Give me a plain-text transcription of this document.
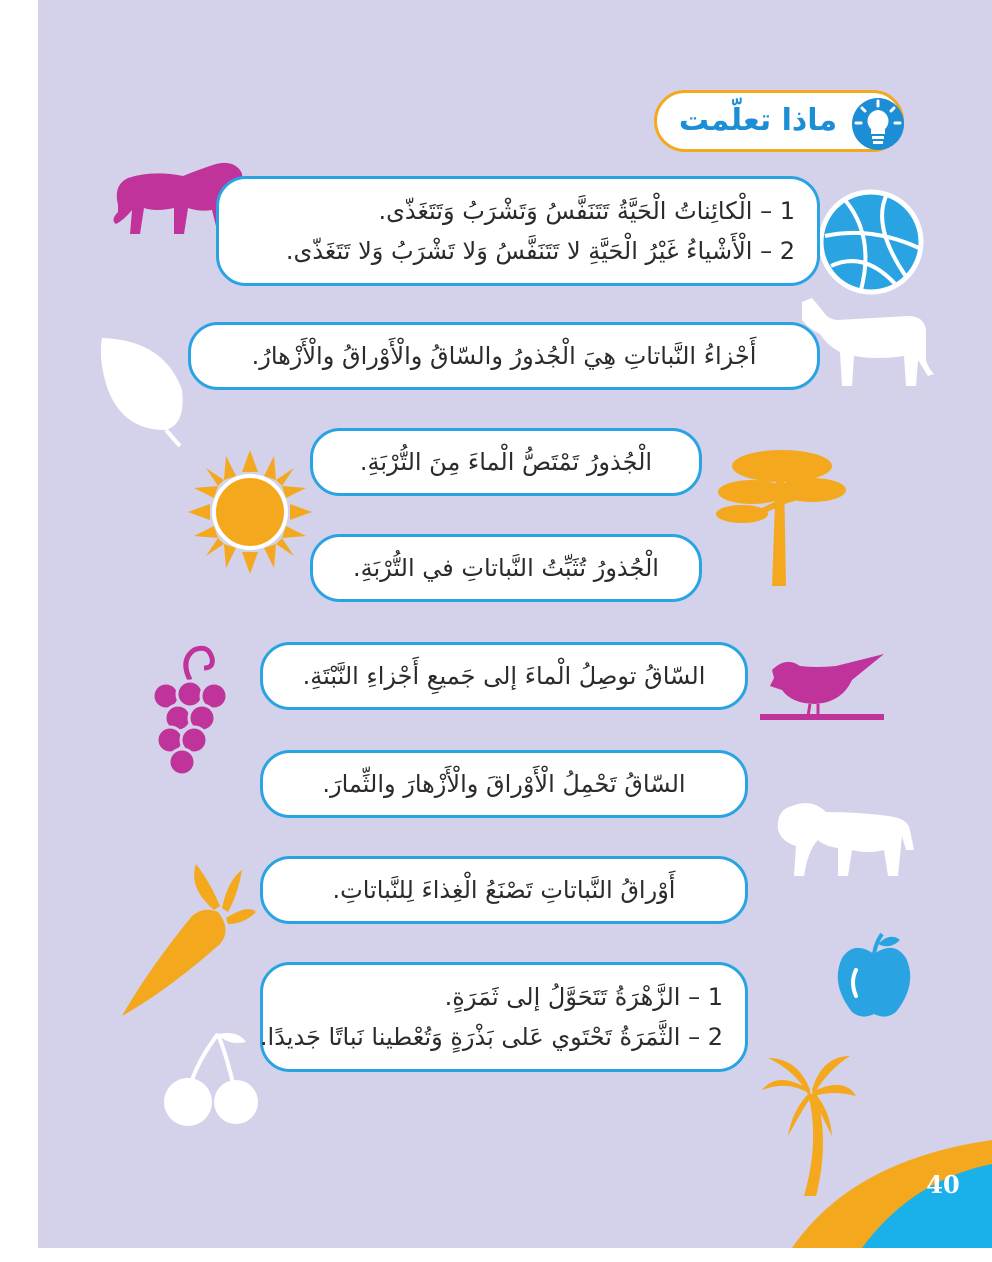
ماذا تعلّمت
40

1 – الْكائِناتُ الْحَيَّةُ تَتَنَفَّسُ وَتَشْرَبُ وَتَتَغَذّى.

2 – الْأَشْياءُ غَيْرُ الْحَيَّةِ لا تَتَنَفَّسُ وَلا تَشْرَبُ وَلا تَتَغَذّى.

أَجْزاءُ النَّباتاتِ هِيَ الْجُذورُ والسّاقُ والْأَوْراقُ والْأَزْهارُ.

الْجُذورُ تَمْتَصُّ الْماءَ مِنَ التُّرْبَةِ.

الْجُذورُ تُثَبِّتُ النَّباتاتِ في التُّرْبَةِ.

السّاقُ توصِلُ الْماءَ إلى جَميعِ أَجْزاءِ النَّبْتَةِ.

السّاقُ تَحْمِلُ الْأَوْراقَ والْأَزْهارَ والثِّمارَ.

أَوْراقُ النَّباتاتِ تَصْنَعُ الْغِذاءَ لِلنَّباتاتِ.

1 – الزَّهْرَةُ تَتَحَوَّلُ إلى ثَمَرَةٍ.

2 – الثَّمَرَةُ تَحْتَوي عَلى بَذْرَةٍ وَتُعْطينا نَباتًا جَديدًا.
